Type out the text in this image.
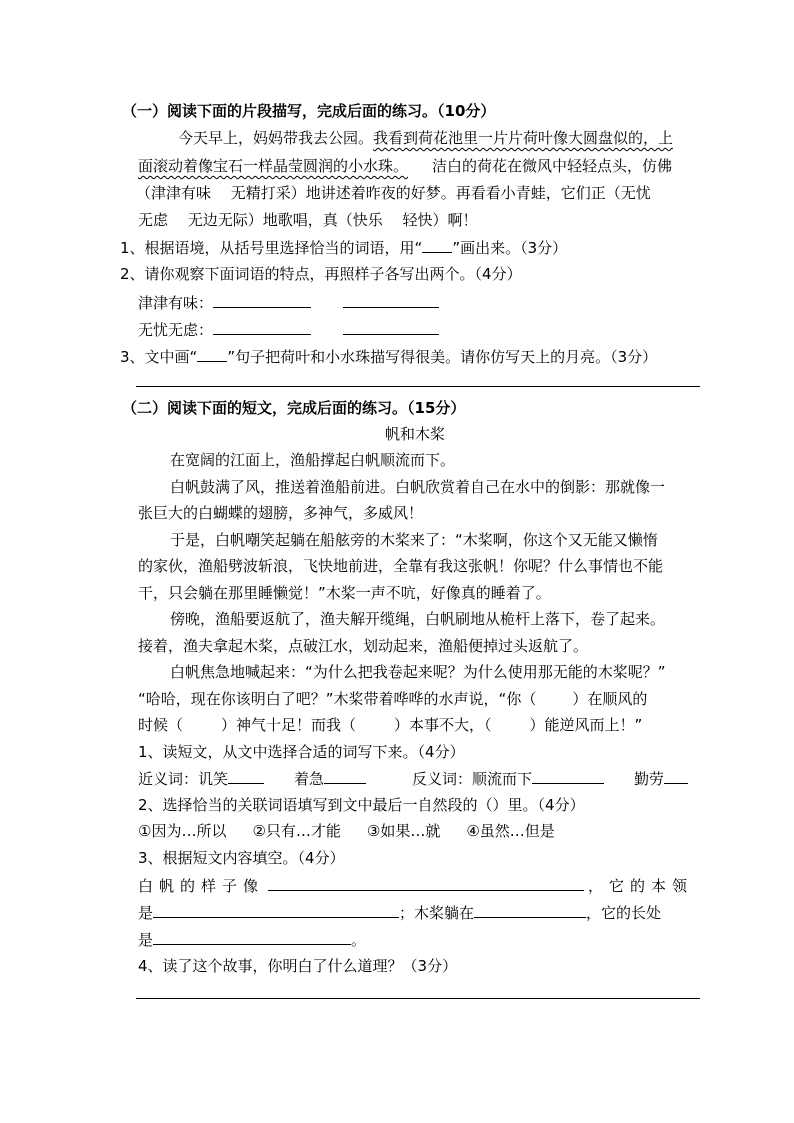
（一）阅读下面的片段描写，完成后面的练习。（10分）
今天早上，妈妈带我去公园。我看到荷花池里一片片荷叶像大圆盘似的，上
面滚动着像宝石一样晶莹圆润的小水珠。 洁白的荷花在微风中轻轻点头，仿佛
（津津有味　 无精打采）地讲述着昨夜的好梦。再看看小青蛙，它们正（无忧
无虑　 无边无际）地歌唱，真（快乐　 轻快）啊！
1、根据语境，从括号里选择恰当的词语，用“ ”画出来。（3分）
2、请你观察下面词语的特点，再照样子各写出两个。（4分）
津津有味：
无忧无虑：
3、文中画“ ”句子把荷叶和小水珠描写得很美。请你仿写天上的月亮。（3分）
（二）阅读下面的短文，完成后面的练习。（15分）
帆和木桨
在宽阔的江面上，渔船撑起白帆顺流而下。
白帆鼓满了风，推送着渔船前进。白帆欣赏着自己在水中的倒影：那就像一
张巨大的白蝴蝶的翅膀，多神气，多威风！
于是，白帆嘲笑起躺在船舷旁的木桨来了：“木桨啊，你这个又无能又懒惰
的家伙，渔船劈波斩浪，飞快地前进，全靠有我这张帆！你呢？什么事情也不能
干，只会躺在那里睡懒觉！”木桨一声不吭，好像真的睡着了。
傍晚，渔船要返航了，渔夫解开缆绳，白帆刷地从桅杆上落下，卷了起来。
接着，渔夫拿起木桨，点破江水，划动起来，渔船便掉过头返航了。
白帆焦急地喊起来：“为什么把我卷起来呢？为什么使用那无能的木桨呢？”
“哈哈，现在你该明白了吧？”木桨带着哗哗的水声说，“你（ ）在顺风的
时候（	）神气十足！而我（	）本事不大，（	）能逆风而上！”
1、读短文，从文中选择合适的词写下来。（4分）
近义词：讥笑	着急	反义词：顺流而下	勤劳
2、选择恰当的关联词语填写到文中最后一自然段的（）里。（4分）
①因为…所以 ②只有…才能 ③如果…就 ④虽然…但是
3、根据短文内容填空。（4分）
白帆的样子像	，它的本领
是	；木桨躺在	，它的长处
是	。
4、读了这个故事，你明白了什么道理？（3分）
